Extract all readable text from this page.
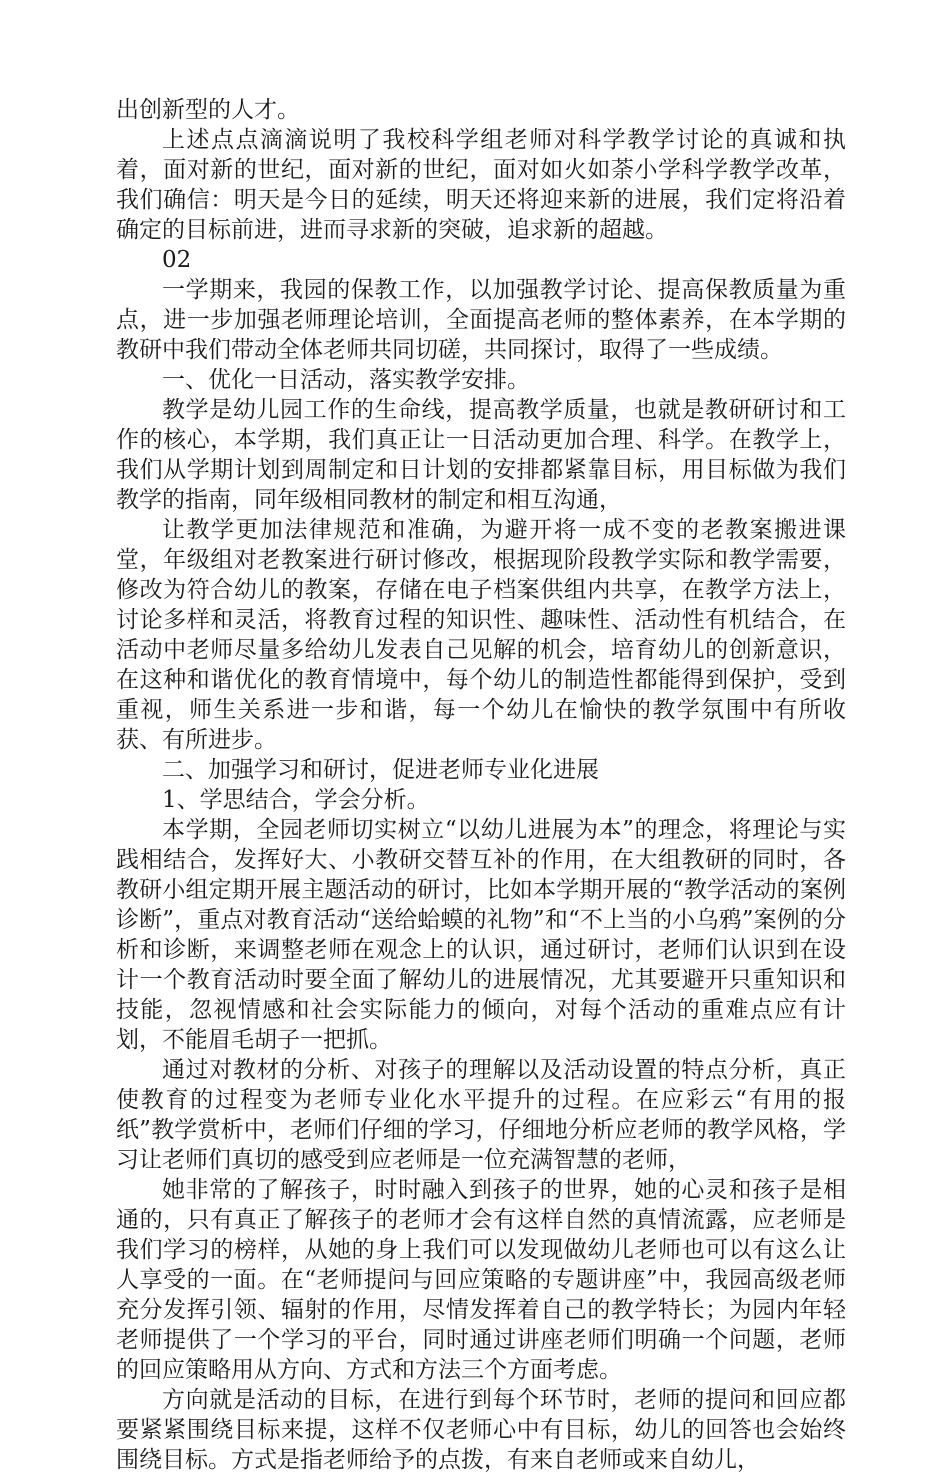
出创新型的人才。

上述点点滴滴说明了我校科学组老师对科学教学讨论的真诚和执着，面对新的世纪，面对新的世纪，面对如火如荼小学科学教学改革，我们确信：明天是今日的延续，明天还将迎来新的进展，我们定将沿着确定的目标前进，进而寻求新的突破，追求新的超越。

02

一学期来，我园的保教工作，以加强教学讨论、提高保教质量为重点，进一步加强老师理论培训，全面提高老师的整体素养，在本学期的教研中我们带动全体老师共同切磋，共同探讨，取得了一些成绩。

一、优化一日活动，落实教学安排。

教学是幼儿园工作的生命线，提高教学质量，也就是教研研讨和工作的核心，本学期，我们真正让一日活动更加合理、科学。在教学上，我们从学期计划到周制定和日计划的安排都紧靠目标，用目标做为我们教学的指南，同年级相同教材的制定和相互沟通，

让教学更加法律规范和准确，为避开将一成不变的老教案搬进课堂，年级组对老教案进行研讨修改，根据现阶段教学实际和教学需要，修改为符合幼儿的教案，存储在电子档案供组内共享，在教学方法上，讨论多样和灵活，将教育过程的知识性、趣味性、活动性有机结合，在活动中老师尽量多给幼儿发表自己见解的机会，培育幼儿的创新意识，在这种和谐优化的教育情境中，每个幼儿的制造性都能得到保护，受到重视，师生关系进一步和谐，每一个幼儿在愉快的教学氛围中有所收获、有所进步。

二、加强学习和研讨，促进老师专业化进展

1、学思结合，学会分析。

本学期，全园老师切实树立“以幼儿进展为本”的理念，将理论与实践相结合，发挥好大、小教研交替互补的作用，在大组教研的同时，各教研小组定期开展主题活动的研讨，比如本学期开展的“教学活动的案例诊断”，重点对教育活动“送给蛤蟆的礼物”和“不上当的小乌鸦”案例的分析和诊断，来调整老师在观念上的认识，通过研讨，老师们认识到在设计一个教育活动时要全面了解幼儿的进展情况，尤其要避开只重知识和技能，忽视情感和社会实际能力的倾向，对每个活动的重难点应有计划，不能眉毛胡子一把抓。

通过对教材的分析、对孩子的理解以及活动设置的特点分析，真正使教育的过程变为老师专业化水平提升的过程。在应彩云“有用的报纸”教学赏析中，老师们仔细的学习，仔细地分析应老师的教学风格，学习让老师们真切的感受到应老师是一位充满智慧的老师，

她非常的了解孩子，时时融入到孩子的世界，她的心灵和孩子是相通的，只有真正了解孩子的老师才会有这样自然的真情流露，应老师是我们学习的榜样，从她的身上我们可以发现做幼儿老师也可以有这么让人享受的一面。在“老师提问与回应策略的专题讲座”中，我园高级老师充分发挥引领、辐射的作用，尽情发挥着自己的教学特长；为园内年轻老师提供了一个学习的平台，同时通过讲座老师们明确一个问题，老师的回应策略用从方向、方式和方法三个方面考虑。

方向就是活动的目标，在进行到每个环节时，老师的提问和回应都要紧紧围绕目标来提，这样不仅老师心中有目标，幼儿的回答也会始终围绕目标。方式是指老师给予的点拨，有来自老师或来自幼儿，
